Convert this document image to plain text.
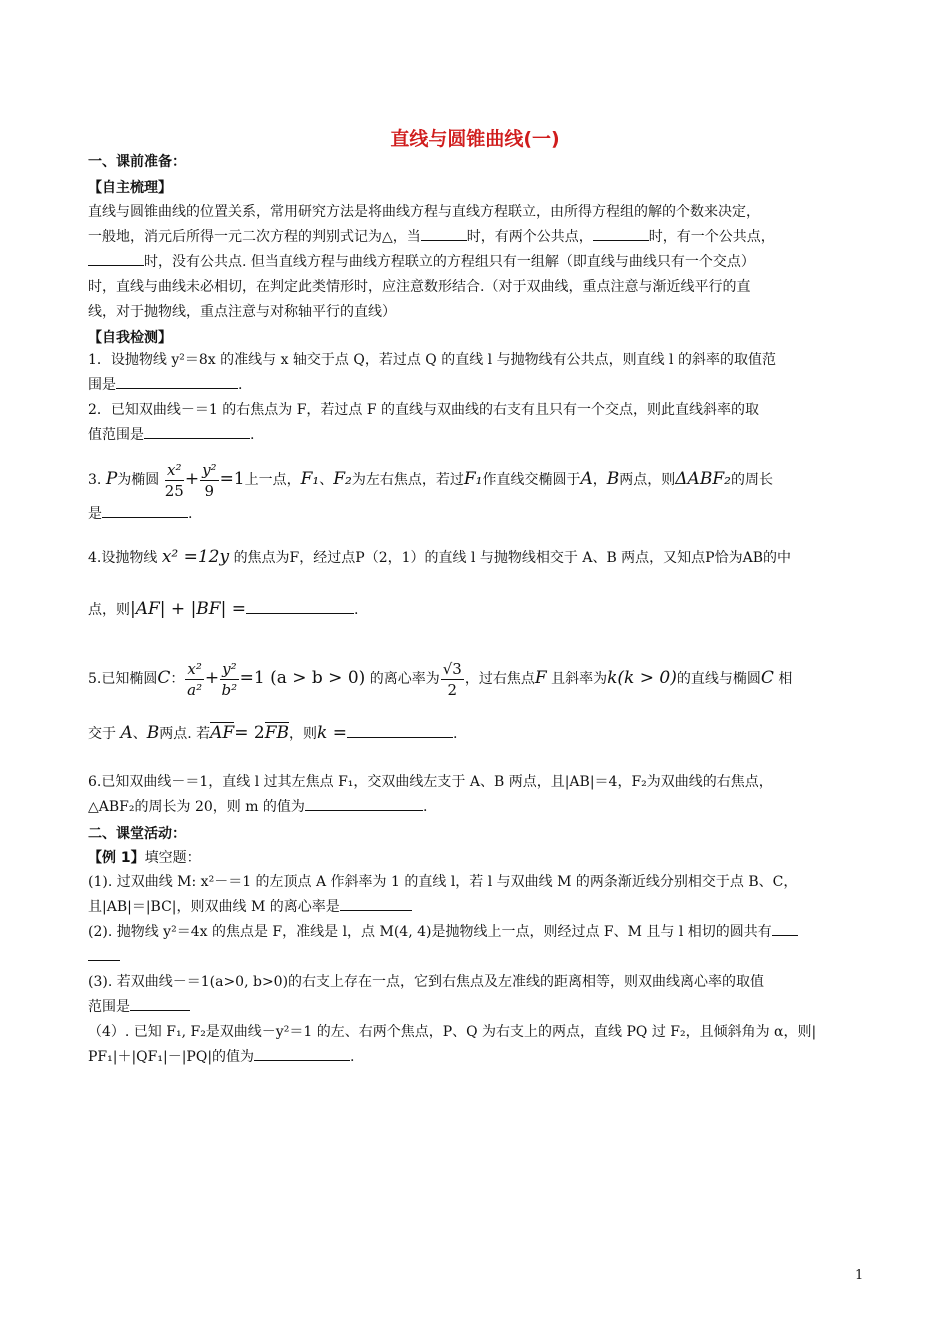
直线与圆锥曲线(一)
一、课前准备：
【自主梳理】
直线与圆锥曲线的位置关系，常用研究方法是将曲线方程与直线方程联立，由所得方程组的解的个数来决定，
一般地，消元后所得一元二次方程的判别式记为△，当	时，有两个公共点，	时，有一个公共点，
时，没有公共点. 但当直线方程与曲线方程联立的方程组只有一组解（即直线与曲线只有一个交点）
时，直线与曲线未必相切，在判定此类情形时，应注意数形结合.（对于双曲线，重点注意与渐近线平行的直
线，对于抛物线，重点注意与对称轴平行的直线）
【自我检测】
1．设抛物线 y²＝8x 的准线与 x 轴交于点 Q，若过点 Q 的直线 l 与抛物线有公共点，则直线 l 的斜率的取值范
围是	.
2．已知双曲线－＝1 的右焦点为 F，若过点 F 的直线与双曲线的右支有且只有一个交点，则此直线斜率的取
值范围是	.
3. P为椭圆 $\frac{\text{x²}}{25} + \frac{\text{y²}}{9} =1$上一点，F₁、F₂为左右焦点，若过F₁作直线交椭圆于A，B两点，则ΔABF₂的周长
是	.
4.设抛物线 x² =12y 的焦点为F，经过点P（2，1）的直线 l 与抛物线相交于 A、B 两点，又知点P恰为AB的中
点，则|AF| + |BF| =	.
5.已知椭圆C： $\frac{\text{x²}}{\text{a²}} + \frac{\text{y²}}{\text{b²}} =1$ (a > b > 0) 的离心率为 $\frac{√3}{2}$ ，过右焦点F 且斜率为k(k > 0)的直线与椭圆C 相
交于 A、B两点. 若AF= 2FB，则k =	.
6.已知双曲线－＝1，直线 l 过其左焦点 F₁，交双曲线左支于 A、B 两点，且|AB|＝4，F₂为双曲线的右焦点，
△ABF₂的周长为 20，则 m 的值为	.
二、课堂活动：
【例 1】填空题：
(1). 过双曲线 M: x²－＝1 的左顶点 A 作斜率为 1 的直线 l，若 l 与双曲线 M 的两条渐近线分别相交于点 B、C，
且|AB|＝|BC|，则双曲线 M 的离心率是
(2). 抛物线 y²＝4x 的焦点是 F，准线是 l，点 M(4, 4)是抛物线上一点，则经过点 F、M 且与 l 相切的圆共有
(3). 若双曲线－＝1(a>0, b>0)的右支上存在一点，它到右焦点及左准线的距离相等，则双曲线离心率的取值
范围是
（4）. 已知 F₁, F₂是双曲线－y²＝1 的左、右两个焦点，P、Q 为右支上的两点，直线 PQ 过 F₂，且倾斜角为 α，则|
PF₁|＋|QF₁|－|PQ|的值为	.
1
